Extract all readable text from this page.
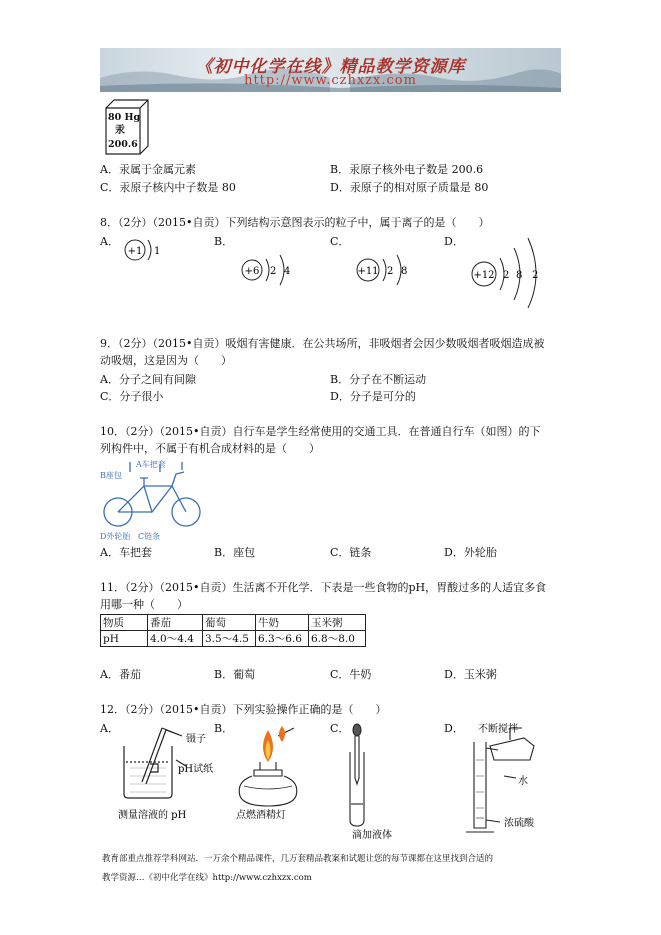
《初中化学在线》精品教学资源库
http://www.czhxzx.com
80 Hg
汞
200.6
A．汞属于金属元素	B．汞原子核外电子数是 200.6
C．汞原子核内中子数是 80	D．汞原子的相对原子质量是 80
8．（2分）（2015•自贡）下列结构示意图表示的粒子中，属于离子的是（　　）
A．	B．	C．	D．
+1 1
+6 2 4	+11 2 8	+12 2 8 2
9．（2分）（2015•自贡）吸烟有害健康．在公共场所，非吸烟者会因少数吸烟者吸烟造成被
动吸烟，这是因为（　　）
A．分子之间有间隙	B．分子在不断运动
C．分子很小	D．分子是可分的
10．（2分）（2015•自贡）自行车是学生经常使用的交通工具．在普通自行车（如图）的下
列构件中，不属于有机合成材料的是（　　）
A车把套
B座包
D外轮胎 C链条
A．车把套	B．座包	C．链条	D．外轮胎
11．（2分）（2015•自贡）生活离不开化学．下表是一些食物的pH，胃酸过多的人适宜多食
用哪一种（　　）
物质	番茄	葡萄	牛奶	玉米粥
pH	4.0～4.4	3.5～4.5	6.3～6.6	6.8～8.0
A．番茄	B．葡萄	C．牛奶	D．玉米粥
12．（2分）（2015•自贡）下列实验操作正确的是（　　）
A．	B．	C．	D．
镊子
pH试纸
测量溶液的 pH	点燃酒精灯
滴加液体
不断搅拌
水
浓硫酸
教育部重点推荐学科网站．一万余个精品课件，几万套精品教案和试题让您的每节课都在这里找到合适的
教学资源…《初中化学在线》http://www.czhxzx.com
